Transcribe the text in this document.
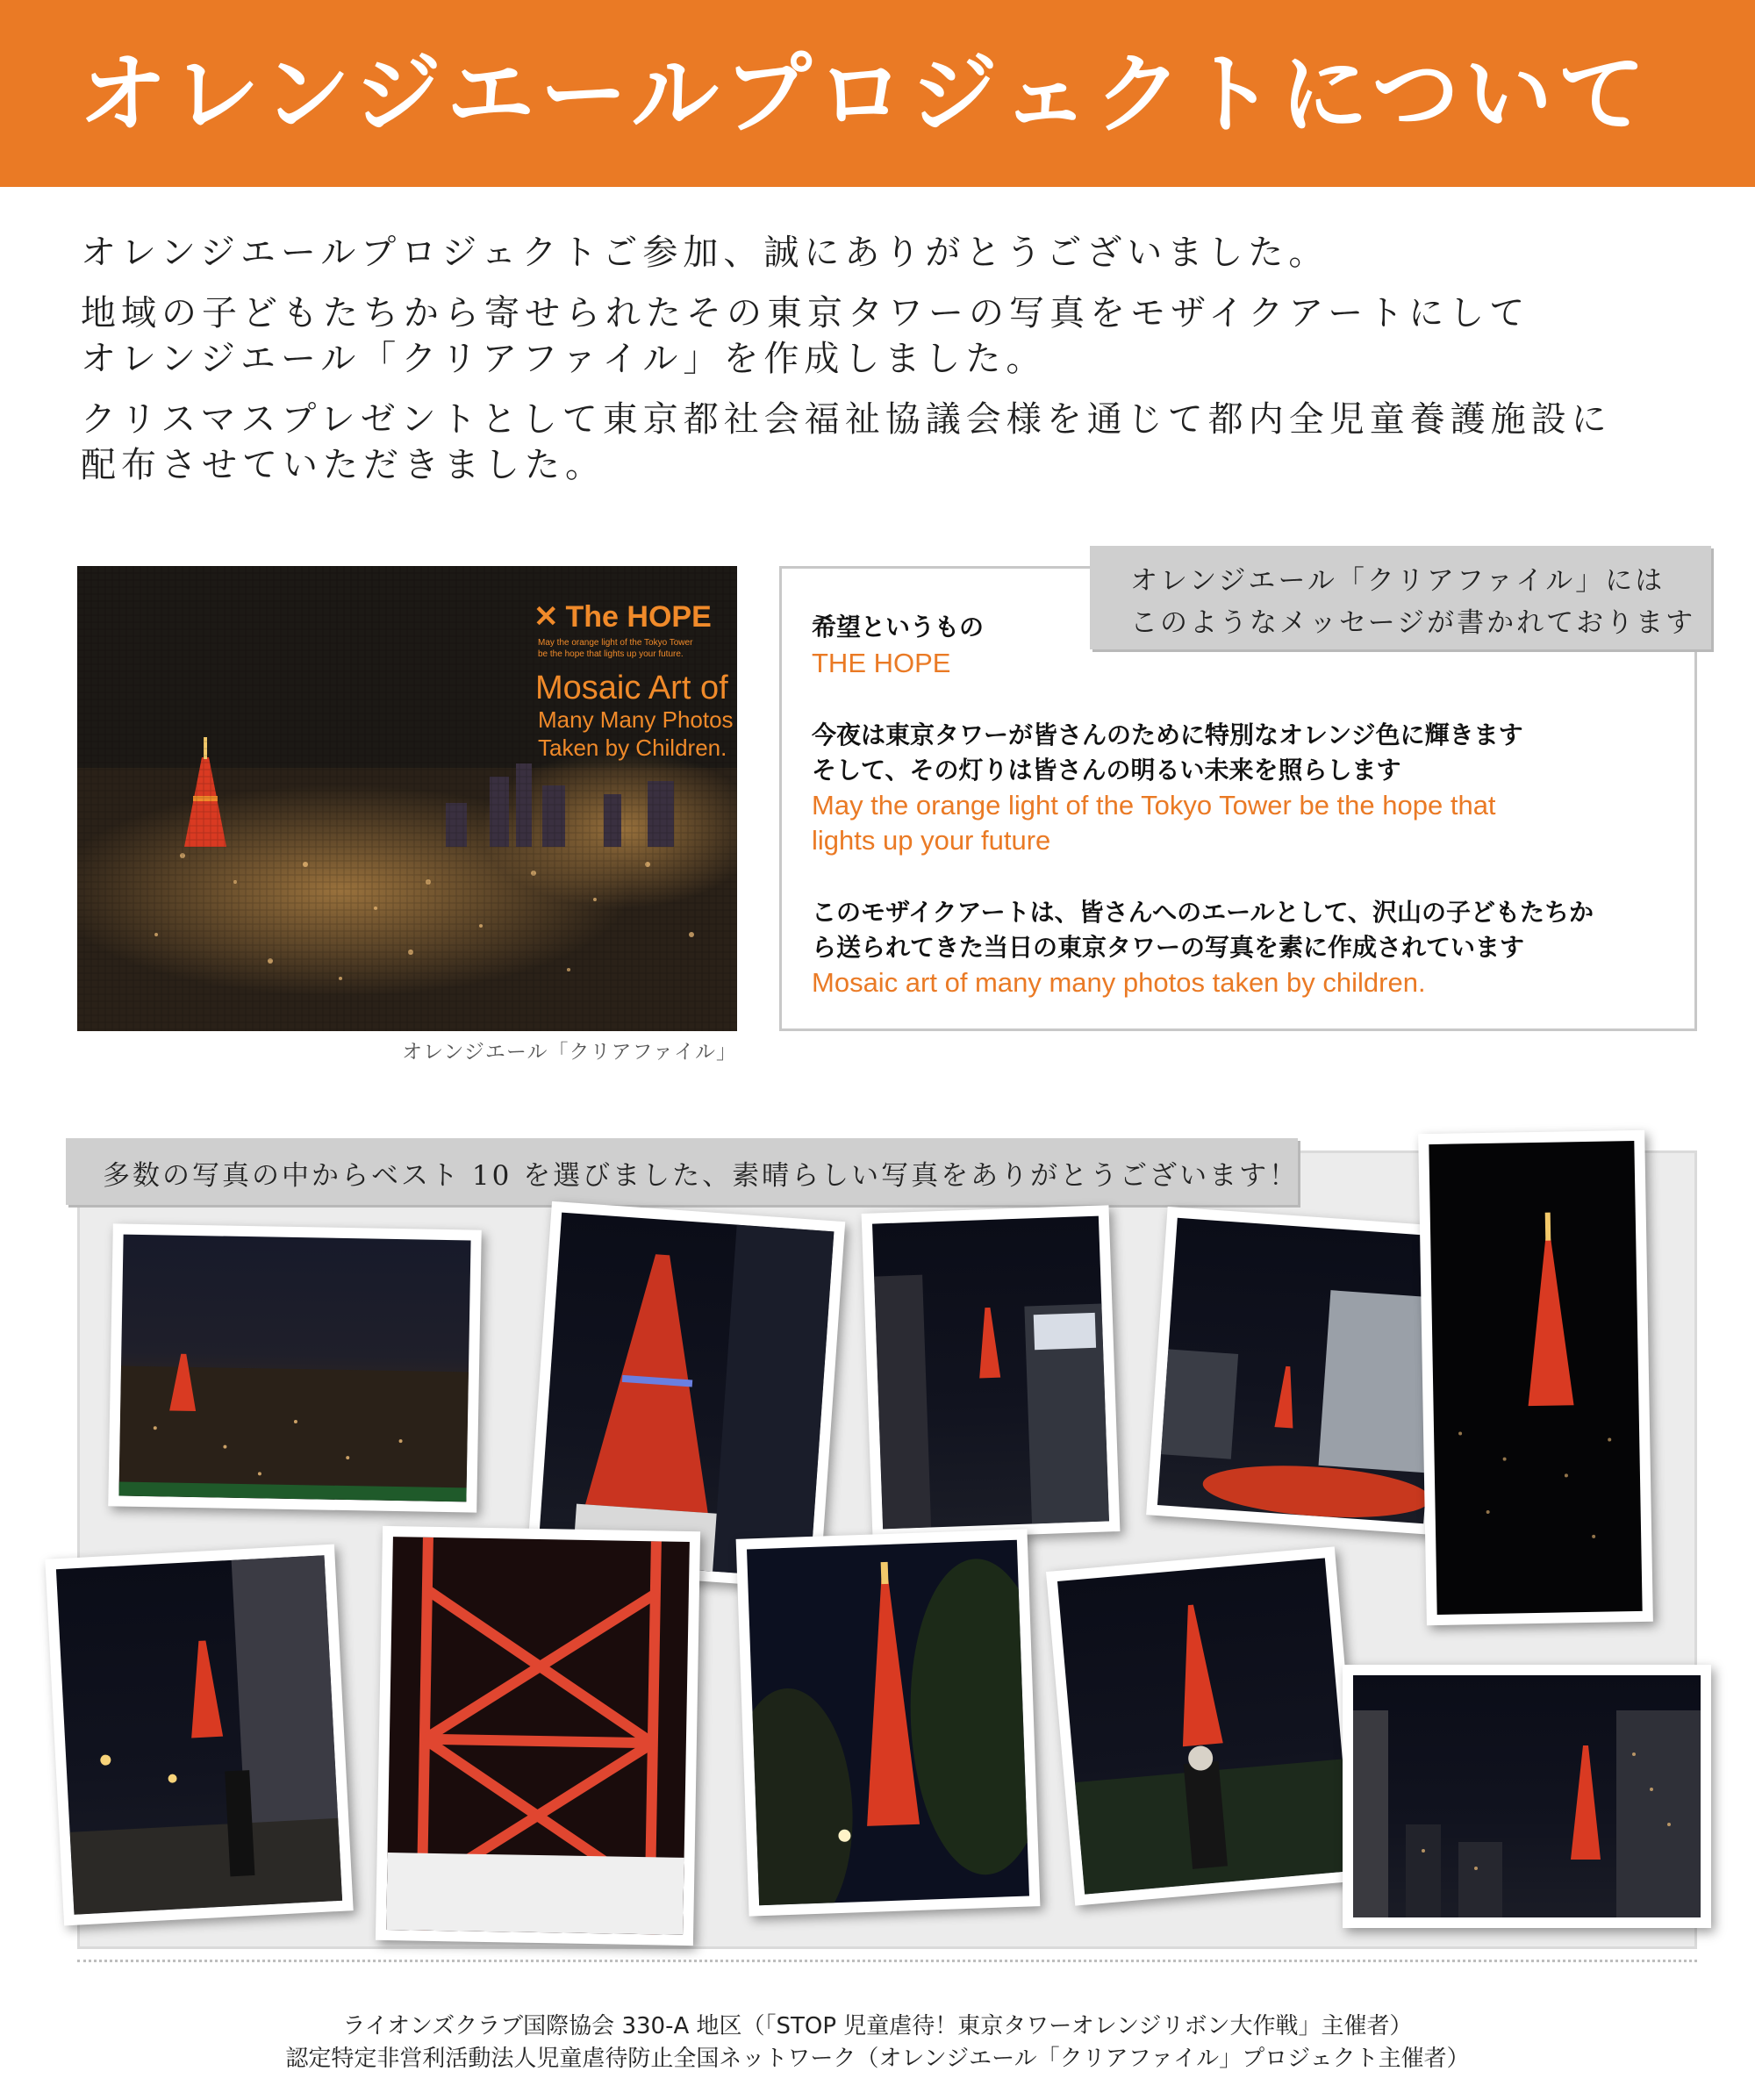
オレンジエールプロジェクトについて

オレンジエールプロジェクトご参加、誠にありがとうございました。

地域の子どもたちから寄せられたその東京タワーの写真をモザイクアートにして

オレンジエール「クリアファイル」を作成しました。

クリスマスプレゼントとして東京都社会福祉協議会様を通じて都内全児童養護施設に

配布させていただきました。

✕ The HOPE
May the orange light of the Tokyo Tower
be the hope that lights up your future.
Mosaic Art of
Many Many Photos
Taken by Children.
オレンジエール「クリアファイル」
オレンジエール「クリアファイル」には
このようなメッセージが書かれております
希望というもの
THE HOPE
今夜は東京タワーが皆さんのために特別なオレンジ色に輝きます
そして、その灯りは皆さんの明るい未来を照らします
May the orange light of the Tokyo Tower be the hope that
lights up your future
このモザイクアートは、皆さんへのエールとして、沢山の子どもたちか
ら送られてきた当日の東京タワーの写真を素に作成されています
Mosaic art of many many photos taken by children.
多数の写真の中からベスト 10 を選びました、素晴らしい写真をありがとうございます！
ライオンズクラブ国際協会 330-A 地区（「STOP 児童虐待！東京タワーオレンジリボン大作戦」主催者）
認定特定非営利活動法人児童虐待防止全国ネットワーク（オレンジエール「クリアファイル」プロジェクト主催者）
